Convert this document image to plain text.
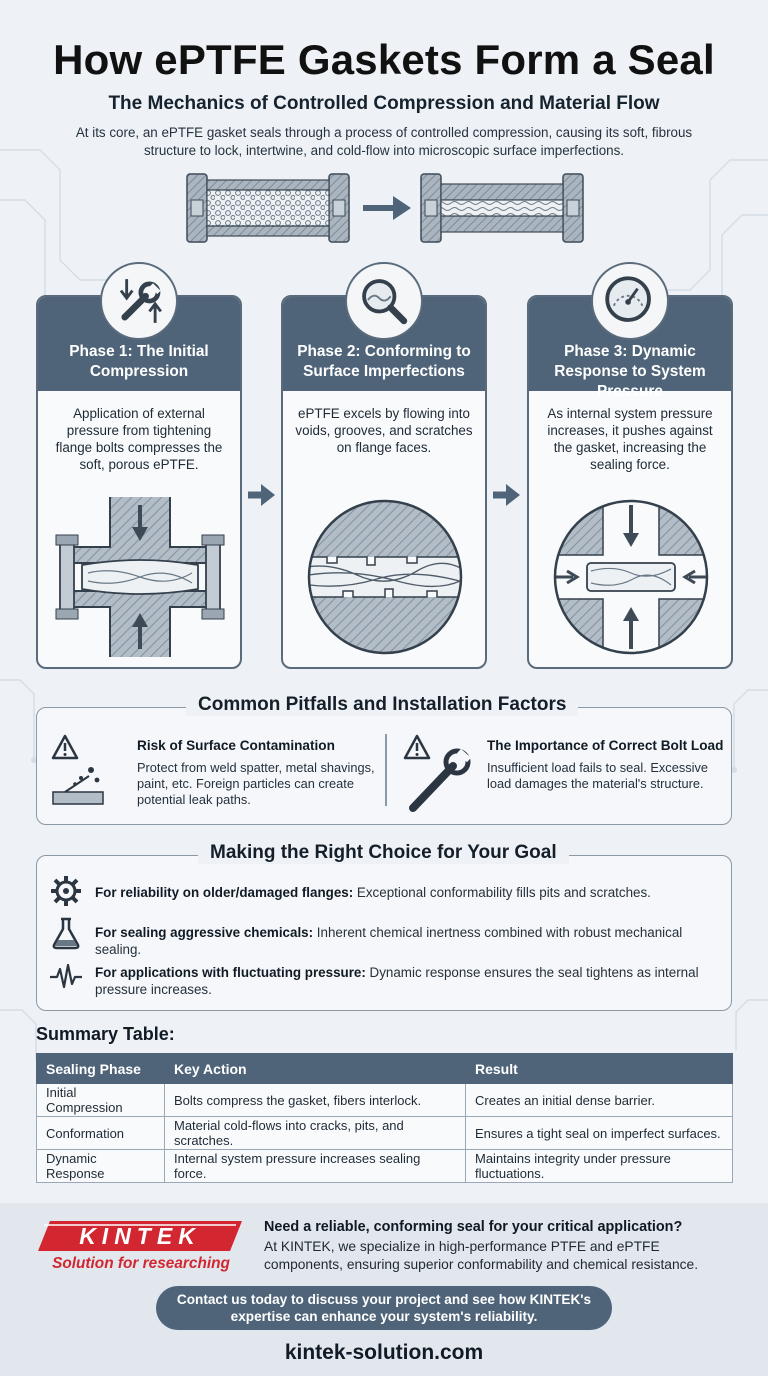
How ePTFE Gaskets Form a Seal
The Mechanics of Controlled Compression and Material Flow
At its core, an ePTFE gasket seals through a process of controlled compression, causing its soft, fibrous structure to lock, intertwine, and cold-flow into microscopic surface imperfections.
Phase 1: The Initial Compression
Application of external pressure from tightening flange bolts compresses the soft, porous ePTFE.
Phase 2: Conforming to Surface Imperfections
ePTFE excels by flowing into voids, grooves, and scratches on flange faces.
Phase 3: Dynamic Response to System Pressure
As internal system pressure increases, it pushes against the gasket, increasing the sealing force.
Risk of Surface Contamination
Protect from weld spatter, metal shavings, paint, etc. Foreign particles can create potential leak paths.
The Importance of Correct Bolt Load
Insufficient load fails to seal. Excessive load damages the material's structure.
Common Pitfalls and Installation Factors
For reliability on older/damaged flanges: Exceptional conformability fills pits and scratches.
For sealing aggressive chemicals: Inherent chemical inertness combined with robust mechanical sealing.
For applications with fluctuating pressure: Dynamic response ensures the seal tightens as internal pressure increases.
Making the Right Choice for Your Goal
Summary Table:
Sealing Phase	Key Action	Result
Initial Compression	Bolts compress the gasket, fibers interlock.	Creates an initial dense barrier.
Conformation	Material cold-flows into cracks, pits, and scratches.	Ensures a tight seal on imperfect surfaces.
Dynamic Response	Internal system pressure increases sealing force.	Maintains integrity under pressure fluctuations.
KINTEK
Solution for researching
Need a reliable, conforming seal for your critical application?
At KINTEK, we specialize in high-performance PTFE and ePTFE components, ensuring superior conformability and chemical resistance.
Contact us today to discuss your project and see how KINTEK's expertise can enhance your system's reliability.
kintek-solution.com
